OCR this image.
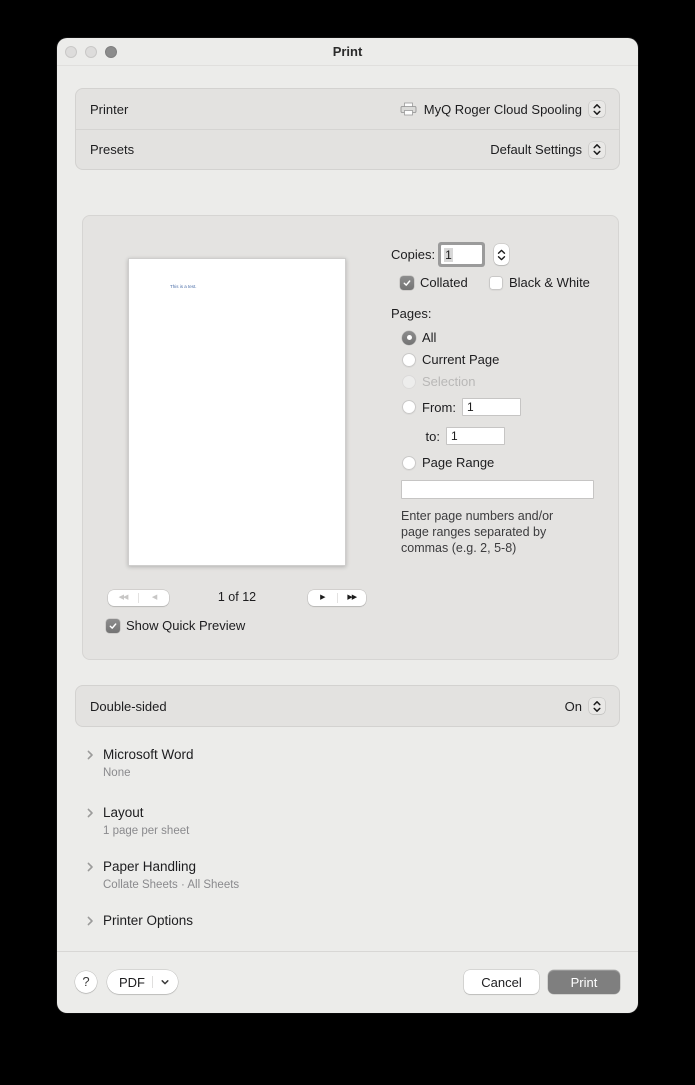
Print
Printer	MyQ Roger Cloud Spooling
Presets	Default Settings
This is a test.
◀◀	◀	1 of 12	▶	▶▶
Show Quick Preview
Copies: 1
Collated	Black & White
Pages:
All
Current Page
Selection
From:
1
to:
1
Page Range
Enter page numbers and/or
page ranges separated by
commas (e.g. 2, 5-8)
Double-sided	On
Microsoft Word
None
Layout
1 page per sheet
Paper Handling
Collate Sheets · All Sheets
Printer Options
?	PDF	Cancel	Print
